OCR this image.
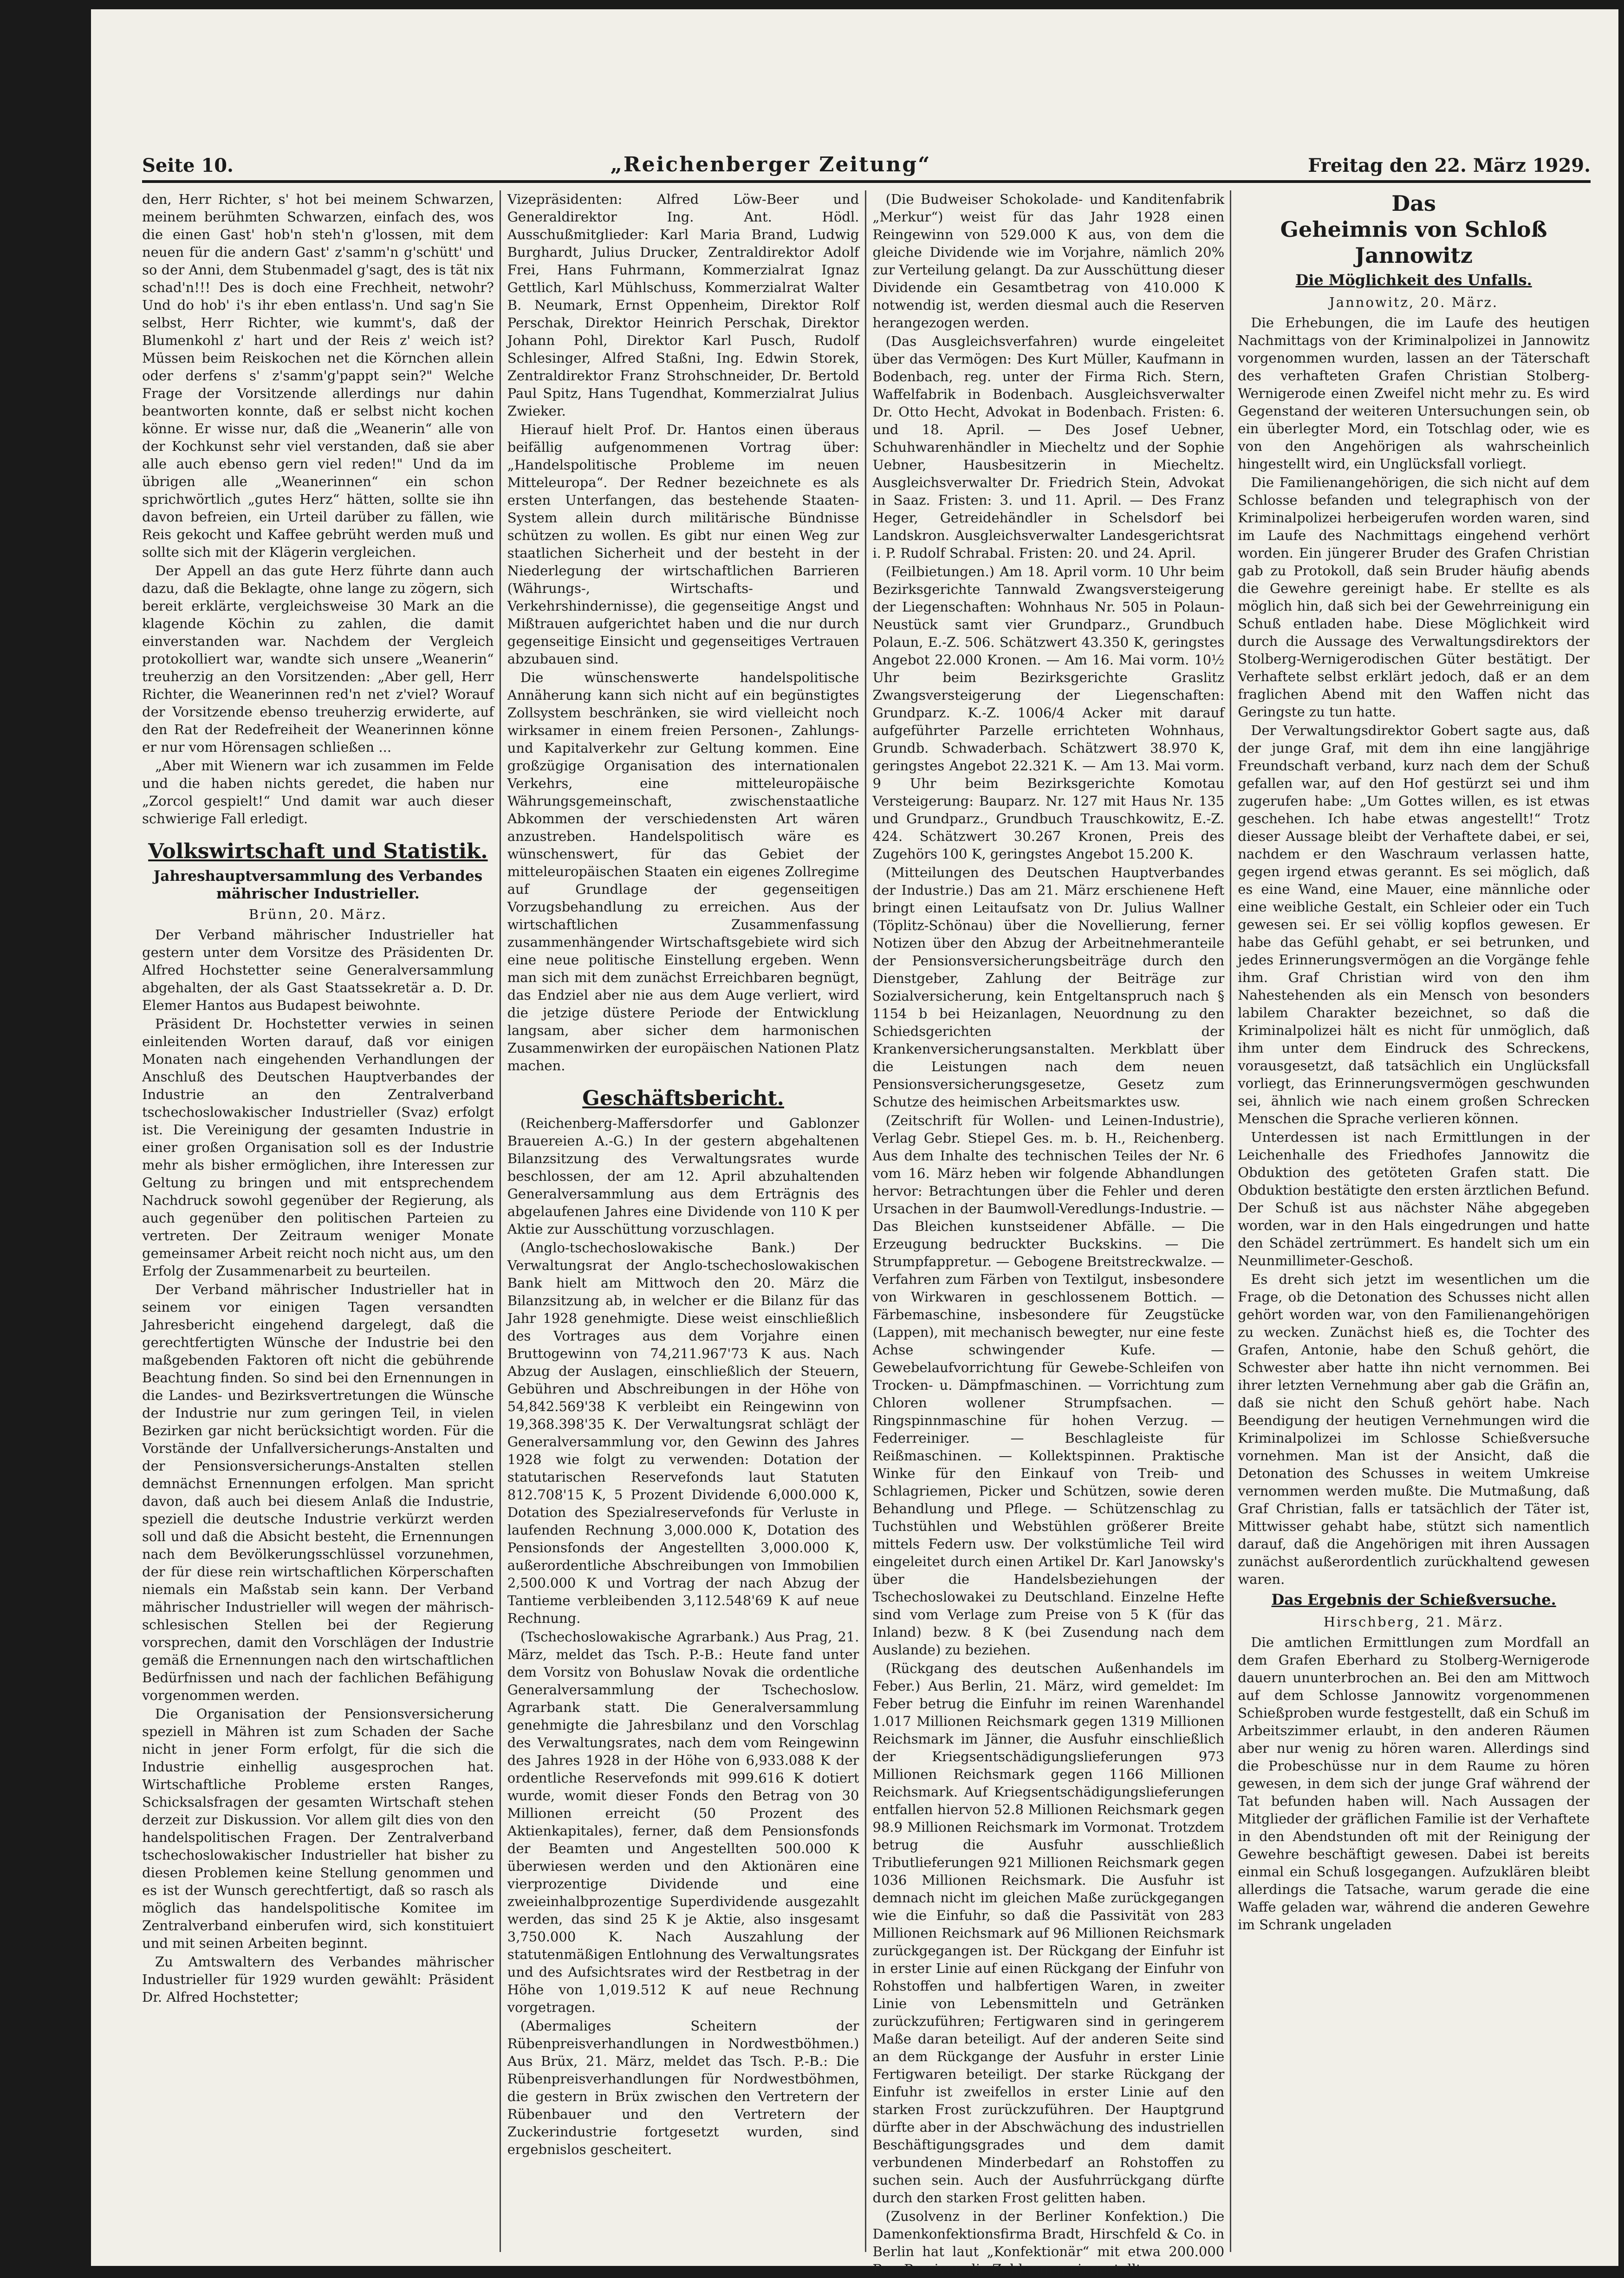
Seite 10.	„Reichenberger Zeitung“	Freitag den 22. März 1929.

den, Herr Richter, s' hot bei meinem Schwarzen, meinem berühmten Schwarzen, einfach des, wos die einen Gast' hob'n steh'n g'lossen, mit dem neuen für die andern Gast' z'samm'n g'schütt' und so der Anni, dem Stubenmadel g'sagt, des is tät nix schad'n!!! Des is doch eine Frechheit, netwohr? Und do hob' i's ihr eben entlass'n. Und sag'n Sie selbst, Herr Richter, wie kummt's, daß der Blumenkohl z' hart und der Reis z' weich ist? Müssen beim Reiskochen net die Körnchen allein oder derfens s' z'samm'g'pappt sein?" Welche Frage der Vorsitzende allerdings nur dahin beantworten konnte, daß er selbst nicht kochen könne. Er wisse nur, daß die „Weanerin“ alle von der Kochkunst sehr viel verstanden, daß sie aber alle auch ebenso gern viel reden!" Und da im übrigen alle „Weanerinnen“ ein schon sprichwörtlich „gutes Herz“ hätten, sollte sie ihn davon befreien, ein Urteil darüber zu fällen, wie Reis gekocht und Kaffee gebrüht werden muß und sollte sich mit der Klägerin vergleichen.

Der Appell an das gute Herz führte dann auch dazu, daß die Beklagte, ohne lange zu zögern, sich bereit erklärte, vergleichsweise 30 Mark an die klagende Köchin zu zahlen, die damit einverstanden war. Nachdem der Vergleich protokolliert war, wandte sich unsere „Weanerin“ treuherzig an den Vorsitzenden: „Aber gell, Herr Richter, die Weanerinnen red'n net z'viel? Worauf der Vorsitzende ebenso treuherzig erwiderte, auf den Rat der Redefreiheit der Weanerinnen könne er nur vom Hörensagen schließen ...

„Aber mit Wienern war ich zusammen im Felde und die haben nichts geredet, die haben nur „Zorcol gespielt!“ Und damit war auch dieser schwierige Fall erledigt.

Volkswirtschaft und Statistik.
Jahreshauptversammlung des Verbandes mährischer Industrieller.
Brünn, 20. März.

Der Verband mährischer Industrieller hat gestern unter dem Vorsitze des Präsidenten Dr. Alfred Hochstetter seine Generalversammlung abgehalten, der als Gast Staatssekretär a. D. Dr. Elemer Hantos aus Budapest beiwohnte.

Präsident Dr. Hochstetter verwies in seinen einleitenden Worten darauf, daß vor einigen Monaten nach eingehenden Verhandlungen der Anschluß des Deutschen Hauptverbandes der Industrie an den Zentralverband tschechoslowakischer Industrieller (Svaz) erfolgt ist. Die Vereinigung der gesamten Industrie in einer großen Organisation soll es der Industrie mehr als bisher ermöglichen, ihre Interessen zur Geltung zu bringen und mit entsprechendem Nachdruck sowohl gegenüber der Regierung, als auch gegenüber den politischen Parteien zu vertreten. Der Zeitraum weniger Monate gemeinsamer Arbeit reicht noch nicht aus, um den Erfolg der Zusammenarbeit zu beurteilen.

Der Verband mährischer Industrieller hat in seinem vor einigen Tagen versandten Jahresbericht eingehend dargelegt, daß die gerechtfertigten Wünsche der Industrie bei den maßgebenden Faktoren oft nicht die gebührende Beachtung finden. So sind bei den Ernennungen in die Landes- und Bezirksvertretungen die Wünsche der Industrie nur zum geringen Teil, in vielen Bezirken gar nicht berücksichtigt worden. Für die Vorstände der Unfallversicherungs-Anstalten und der Pensionsversicherungs-Anstalten stellen demnächst Ernennungen erfolgen. Man spricht davon, daß auch bei diesem Anlaß die Industrie, speziell die deutsche Industrie verkürzt werden soll und daß die Absicht besteht, die Ernennungen nach dem Bevölkerungsschlüssel vorzunehmen, der für diese rein wirtschaftlichen Körperschaften niemals ein Maßstab sein kann. Der Verband mährischer Industrieller will wegen der mährisch-schlesischen Stellen bei der Regierung vorsprechen, damit den Vorschlägen der Industrie gemäß die Ernennungen nach den wirtschaftlichen Bedürfnissen und nach der fachlichen Befähigung vorgenommen werden.

Die Organisation der Pensionsversicherung speziell in Mähren ist zum Schaden der Sache nicht in jener Form erfolgt, für die sich die Industrie einhellig ausgesprochen hat. Wirtschaftliche Probleme ersten Ranges, Schicksalsfragen der gesamten Wirtschaft stehen derzeit zur Diskussion. Vor allem gilt dies von den handelspolitischen Fragen. Der Zentralverband tschechoslowakischer Industrieller hat bisher zu diesen Problemen keine Stellung genommen und es ist der Wunsch gerechtfertigt, daß so rasch als möglich das handelspolitische Komitee im Zentralverband einberufen wird, sich konstituiert und mit seinen Arbeiten beginnt.

Zu Amtswaltern des Verbandes mährischer Industrieller für 1929 wurden gewählt: Präsident Dr. Alfred Hochstetter;

Vizepräsidenten: Alfred Löw-Beer und Generaldirektor Ing. Ant. Hödl. Ausschußmitglieder: Karl Maria Brand, Ludwig Burghardt, Julius Drucker, Zentraldirektor Adolf Frei, Hans Fuhrmann, Kommerzialrat Ignaz Gettlich, Karl Mühlschuss, Kommerzialrat Walter B. Neumark, Ernst Oppenheim, Direktor Rolf Perschak, Direktor Heinrich Perschak, Direktor Johann Pohl, Direktor Karl Pusch, Rudolf Schlesinger, Alfred Staßni, Ing. Edwin Storek, Zentraldirektor Franz Strohschneider, Dr. Bertold Paul Spitz, Hans Tugendhat, Kommerzialrat Julius Zwieker.

Hierauf hielt Prof. Dr. Hantos einen überaus beifällig aufgenommenen Vortrag über: „Handelspolitische Probleme im neuen Mitteleuropa“. Der Redner bezeichnete es als ersten Unterfangen, das bestehende Staaten-System allein durch militärische Bündnisse schützen zu wollen. Es gibt nur einen Weg zur staatlichen Sicherheit und der besteht in der Niederlegung der wirtschaftlichen Barrieren (Währungs-, Wirtschafts- und Verkehrshindernisse), die gegenseitige Angst und Mißtrauen aufgerichtet haben und die nur durch gegenseitige Einsicht und gegenseitiges Vertrauen abzubauen sind.

Die wünschenswerte handelspolitische Annäherung kann sich nicht auf ein begünstigtes Zollsystem beschränken, sie wird vielleicht noch wirksamer in einem freien Personen-, Zahlungs- und Kapitalverkehr zur Geltung kommen. Eine großzügige Organisation des internationalen Verkehrs, eine mitteleuropäische Währungsgemeinschaft, zwischenstaatliche Abkommen der verschiedensten Art wären anzustreben. Handelspolitisch wäre es wünschenswert, für das Gebiet der mitteleuropäischen Staaten ein eigenes Zollregime auf Grundlage der gegenseitigen Vorzugsbehandlung zu erreichen. Aus der wirtschaftlichen Zusammenfassung zusammenhängender Wirtschaftsgebiete wird sich eine neue politische Einstellung ergeben. Wenn man sich mit dem zunächst Erreichbaren begnügt, das Endziel aber nie aus dem Auge verliert, wird die jetzige düstere Periode der Entwicklung langsam, aber sicher dem harmonischen Zusammenwirken der europäischen Nationen Platz machen.

Geschäftsbericht.

(Reichenberg-Maffersdorfer und Gablonzer Brauereien A.-G.) In der gestern abgehaltenen Bilanzsitzung des Verwaltungsrates wurde beschlossen, der am 12. April abzuhaltenden Generalversammlung aus dem Erträgnis des abgelaufenen Jahres eine Dividende von 110 K per Aktie zur Ausschüttung vorzuschlagen.

(Anglo-tschechoslowakische Bank.) Der Verwaltungsrat der Anglo-tschechoslowakischen Bank hielt am Mittwoch den 20. März die Bilanzsitzung ab, in welcher er die Bilanz für das Jahr 1928 genehmigte. Diese weist einschließlich des Vortrages aus dem Vorjahre einen Bruttogewinn von 74,211.967'73 K aus. Nach Abzug der Auslagen, einschließlich der Steuern, Gebühren und Abschreibungen in der Höhe von 54,842.569'38 K verbleibt ein Reingewinn von 19,368.398'35 K. Der Verwaltungsrat schlägt der Generalversammlung vor, den Gewinn des Jahres 1928 wie folgt zu verwenden: Dotation der statutarischen Reservefonds laut Statuten 812.708'15 K, 5 Prozent Dividende 6,000.000 K, Dotation des Spezialreservefonds für Verluste in laufenden Rechnung 3,000.000 K, Dotation des Pensionsfonds der Angestellten 3,000.000 K, außerordentliche Abschreibungen von Immobilien 2,500.000 K und Vortrag der nach Abzug der Tantieme verbleibenden 3,112.548'69 K auf neue Rechnung.

(Tschechoslowakische Agrarbank.) Aus Prag, 21. März, meldet das Tsch. P.-B.: Heute fand unter dem Vorsitz von Bohuslaw Novak die ordentliche Generalversammlung der Tschechoslow. Agrarbank statt. Die Generalversammlung genehmigte die Jahresbilanz und den Vorschlag des Verwaltungsrates, nach dem vom Reingewinn des Jahres 1928 in der Höhe von 6,933.088 K der ordentliche Reservefonds mit 999.616 K dotiert wurde, womit dieser Fonds den Betrag von 30 Millionen erreicht (50 Prozent des Aktienkapitales), ferner, daß dem Pensionsfonds der Beamten und Angestellten 500.000 K überwiesen werden und den Aktionären eine vierprozentige Dividende und eine zweieinhalbprozentige Superdividende ausgezahlt werden, das sind 25 K je Aktie, also insgesamt 3,750.000 K. Nach Auszahlung der statutenmäßigen Entlohnung des Verwaltungsrates und des Aufsichtsrates wird der Restbetrag in der Höhe von 1,019.512 K auf neue Rechnung vorgetragen.

(Abermaliges Scheitern der Rübenpreisverhandlungen in Nordwestböhmen.) Aus Brüx, 21. März, meldet das Tsch. P.-B.: Die Rübenpreisverhandlungen für Nordwestböhmen, die gestern in Brüx zwischen den Vertretern der Rübenbauer und den Vertretern der Zuckerindustrie fortgesetzt wurden, sind ergebnislos gescheitert.

(Die Budweiser Schokolade- und Kanditenfabrik „Merkur“) weist für das Jahr 1928 einen Reingewinn von 529.000 K aus, von dem die gleiche Dividende wie im Vorjahre, nämlich 20% zur Verteilung gelangt. Da zur Ausschüttung dieser Dividende ein Gesamtbetrag von 410.000 K notwendig ist, werden diesmal auch die Reserven herangezogen werden.

(Das Ausgleichsverfahren) wurde eingeleitet über das Vermögen: Des Kurt Müller, Kaufmann in Bodenbach, reg. unter der Firma Rich. Stern, Waffelfabrik in Bodenbach. Ausgleichsverwalter Dr. Otto Hecht, Advokat in Bodenbach. Fristen: 6. und 18. April. — Des Josef Uebner, Schuhwarenhändler in Miecheltz und der Sophie Uebner, Hausbesitzerin in Miecheltz. Ausgleichsverwalter Dr. Friedrich Stein, Advokat in Saaz. Fristen: 3. und 11. April. — Des Franz Heger, Getreidehändler in Schelsdorf bei Landskron. Ausgleichsverwalter Landesgerichtsrat i. P. Rudolf Schrabal. Fristen: 20. und 24. April.

(Feilbietungen.) Am 18. April vorm. 10 Uhr beim Bezirksgerichte Tannwald Zwangsversteigerung der Liegenschaften: Wohnhaus Nr. 505 in Polaun-Neustück samt vier Grundparz., Grundbuch Polaun, E.-Z. 506. Schätzwert 43.350 K, geringstes Angebot 22.000 Kronen. — Am 16. Mai vorm. 10½ Uhr beim Bezirksgerichte Graslitz Zwangsversteigerung der Liegenschaften: Grundparz. K.-Z. 1006/4 Acker mit darauf aufgeführter Parzelle errichteten Wohnhaus, Grundb. Schwaderbach. Schätzwert 38.970 K, geringstes Angebot 22.321 K. — Am 13. Mai vorm. 9 Uhr beim Bezirksgerichte Komotau Versteigerung: Bauparz. Nr. 127 mit Haus Nr. 135 und Grundparz., Grundbuch Trauschkowitz, E.-Z. 424. Schätzwert 30.267 Kronen, Preis des Zugehörs 100 K, geringstes Angebot 15.200 K.

(Mitteilungen des Deutschen Hauptverbandes der Industrie.) Das am 21. März erschienene Heft bringt einen Leitaufsatz von Dr. Julius Wallner (Töplitz-Schönau) über die Novellierung, ferner Notizen über den Abzug der Arbeitnehmeranteile der Pensionsversicherungsbeiträge durch den Dienstgeber, Zahlung der Beiträge zur Sozialversicherung, kein Entgeltanspruch nach § 1154 b bei Heizanlagen, Neuordnung zu den Schiedsgerichten der Krankenversicherungsanstalten. Merkblatt über die Leistungen nach dem neuen Pensionsversicherungsgesetze, Gesetz zum Schutze des heimischen Arbeitsmarktes usw.

(Zeitschrift für Wollen- und Leinen-Industrie), Verlag Gebr. Stiepel Ges. m. b. H., Reichenberg. Aus dem Inhalte des technischen Teiles der Nr. 6 vom 16. März heben wir folgende Abhandlungen hervor: Betrachtungen über die Fehler und deren Ursachen in der Baumwoll-Veredlungs-Industrie. — Das Bleichen kunstseidener Abfälle. — Die Erzeugung bedruckter Buckskins. — Die Strumpfappretur. — Gebogene Breitstreckwalze. — Verfahren zum Färben von Textilgut, insbesondere von Wirkwaren in geschlossenem Bottich. — Färbemaschine, insbesondere für Zeugstücke (Lappen), mit mechanisch bewegter, nur eine feste Achse schwingender Kufe. — Gewebelaufvorrichtung für Gewebe-Schleifen von Trocken- u. Dämpfmaschinen. — Vorrichtung zum Chloren wollener Strumpfsachen. — Ringspinnmaschine für hohen Verzug. — Federreiniger. — Beschlagleiste für Reißmaschinen. — Kollektspinnen. Praktische Winke für den Einkauf von Treib- und Schlagriemen, Picker und Schützen, sowie deren Behandlung und Pflege. — Schützenschlag zu Tuchstühlen und Webstühlen größerer Breite mittels Federn usw. Der volkstümliche Teil wird eingeleitet durch einen Artikel Dr. Karl Janowsky's über die Handelsbeziehungen der Tschechoslowakei zu Deutschland. Einzelne Hefte sind vom Verlage zum Preise von 5 K (für das Inland) bezw. 8 K (bei Zusendung nach dem Auslande) zu beziehen.

(Rückgang des deutschen Außenhandels im Feber.) Aus Berlin, 21. März, wird gemeldet: Im Feber betrug die Einfuhr im reinen Warenhandel 1.017 Millionen Reichsmark gegen 1319 Millionen Reichsmark im Jänner, die Ausfuhr einschließlich der Kriegsentschädigungslieferungen 973 Millionen Reichsmark gegen 1166 Millionen Reichsmark. Auf Kriegsentschädigungslieferungen entfallen hiervon 52.8 Millionen Reichsmark gegen 98.9 Millionen Reichsmark im Vormonat. Trotzdem betrug die Ausfuhr ausschließlich Tributlieferungen 921 Millionen Reichsmark gegen 1036 Millionen Reichsmark. Die Ausfuhr ist demnach nicht im gleichen Maße zurückgegangen wie die Einfuhr, so daß die Passivität von 283 Millionen Reichsmark auf 96 Millionen Reichsmark zurückgegangen ist. Der Rückgang der Einfuhr ist in erster Linie auf einen Rückgang der Einfuhr von Rohstoffen und halbfertigen Waren, in zweiter Linie von Lebensmitteln und Getränken zurückzuführen; Fertigwaren sind in geringerem Maße daran beteiligt. Auf der anderen Seite sind an dem Rückgange der Ausfuhr in erster Linie Fertigwaren beteiligt. Der starke Rückgang der Einfuhr ist zweifellos in erster Linie auf den starken Frost zurückzuführen. Der Hauptgrund dürfte aber in der Abschwächung des industriellen Beschäftigungsgrades und dem damit verbundenen Minderbedarf an Rohstoffen zu suchen sein. Auch der Ausfuhrrückgang dürfte durch den starken Frost gelitten haben.

(Zusolvenz in der Berliner Konfektion.) Die Damenkonfektionsfirma Bradt, Hirschfeld & Co. in Berlin hat laut „Konfektionär“ mit etwa 200.000 Rm. Passiven die Zahlungen eingestellt.

Das
Geheimnis von Schloß Jannowitz
Die Möglichkeit des Unfalls.
Jannowitz, 20. März.

Die Erhebungen, die im Laufe des heutigen Nachmittags von der Kriminalpolizei in Jannowitz vorgenommen wurden, lassen an der Täterschaft des verhafteten Grafen Christian Stolberg-Wernigerode einen Zweifel nicht mehr zu. Es wird Gegenstand der weiteren Untersuchungen sein, ob ein überlegter Mord, ein Totschlag oder, wie es von den Angehörigen als wahrscheinlich hingestellt wird, ein Unglücksfall vorliegt.

Die Familienangehörigen, die sich nicht auf dem Schlosse befanden und telegraphisch von der Kriminalpolizei herbeigerufen worden waren, sind im Laufe des Nachmittags eingehend verhört worden. Ein jüngerer Bruder des Grafen Christian gab zu Protokoll, daß sein Bruder häufig abends die Gewehre gereinigt habe. Er stellte es als möglich hin, daß sich bei der Gewehrreinigung ein Schuß entladen habe. Diese Möglichkeit wird durch die Aussage des Verwaltungsdirektors der Stolberg-Wernigerodischen Güter bestätigt. Der Verhaftete selbst erklärt jedoch, daß er an dem fraglichen Abend mit den Waffen nicht das Geringste zu tun hatte.

Der Verwaltungsdirektor Gobert sagte aus, daß der junge Graf, mit dem ihn eine langjährige Freundschaft verband, kurz nach dem der Schuß gefallen war, auf den Hof gestürzt sei und ihm zugerufen habe: „Um Gottes willen, es ist etwas geschehen. Ich habe etwas angestellt!“ Trotz dieser Aussage bleibt der Verhaftete dabei, er sei, nachdem er den Waschraum verlassen hatte, gegen irgend etwas gerannt. Es sei möglich, daß es eine Wand, eine Mauer, eine männliche oder eine weibliche Gestalt, ein Schleier oder ein Tuch gewesen sei. Er sei völlig kopflos gewesen. Er habe das Gefühl gehabt, er sei betrunken, und jedes Erinnerungsvermögen an die Vorgänge fehle ihm. Graf Christian wird von den ihm Nahestehenden als ein Mensch von besonders labilem Charakter bezeichnet, so daß die Kriminalpolizei hält es nicht für unmöglich, daß ihm unter dem Eindruck des Schreckens, vorausgesetzt, daß tatsächlich ein Unglücksfall vorliegt, das Erinnerungsvermögen geschwunden sei, ähnlich wie nach einem großen Schrecken Menschen die Sprache verlieren können.

Unterdessen ist nach Ermittlungen in der Leichenhalle des Friedhofes Jannowitz die Obduktion des getöteten Grafen statt. Die Obduktion bestätigte den ersten ärztlichen Befund. Der Schuß ist aus nächster Nähe abgegeben worden, war in den Hals eingedrungen und hatte den Schädel zertrümmert. Es handelt sich um ein Neunmillimeter-Geschoß.

Es dreht sich jetzt im wesentlichen um die Frage, ob die Detonation des Schusses nicht allen gehört worden war, von den Familienangehörigen zu wecken. Zunächst hieß es, die Tochter des Grafen, Antonie, habe den Schuß gehört, die Schwester aber hatte ihn nicht vernommen. Bei ihrer letzten Vernehmung aber gab die Gräfin an, daß sie nicht den Schuß gehört habe. Nach Beendigung der heutigen Vernehmungen wird die Kriminalpolizei im Schlosse Schießversuche vornehmen. Man ist der Ansicht, daß die Detonation des Schusses in weitem Umkreise vernommen werden mußte. Die Mutmaßung, daß Graf Christian, falls er tatsächlich der Täter ist, Mittwisser gehabt habe, stützt sich namentlich darauf, daß die Angehörigen mit ihren Aussagen zunächst außerordentlich zurückhaltend gewesen waren.

Das Ergebnis der Schießversuche.
Hirschberg, 21. März.

Die amtlichen Ermittlungen zum Mordfall an dem Grafen Eberhard zu Stolberg-Wernigerode dauern ununterbrochen an. Bei den am Mittwoch auf dem Schlosse Jannowitz vorgenommenen Schießproben wurde festgestellt, daß ein Schuß im Arbeitszimmer erlaubt, in den anderen Räumen aber nur wenig zu hören waren. Allerdings sind die Probeschüsse nur in dem Raume zu hören gewesen, in dem sich der junge Graf während der Tat befunden haben will. Nach Aussagen der Mitglieder der gräflichen Familie ist der Verhaftete in den Abendstunden oft mit der Reinigung der Gewehre beschäftigt gewesen. Dabei ist bereits einmal ein Schuß losgegangen. Aufzuklären bleibt allerdings die Tatsache, warum gerade die eine Waffe geladen war, während die anderen Gewehre im Schrank ungeladen
